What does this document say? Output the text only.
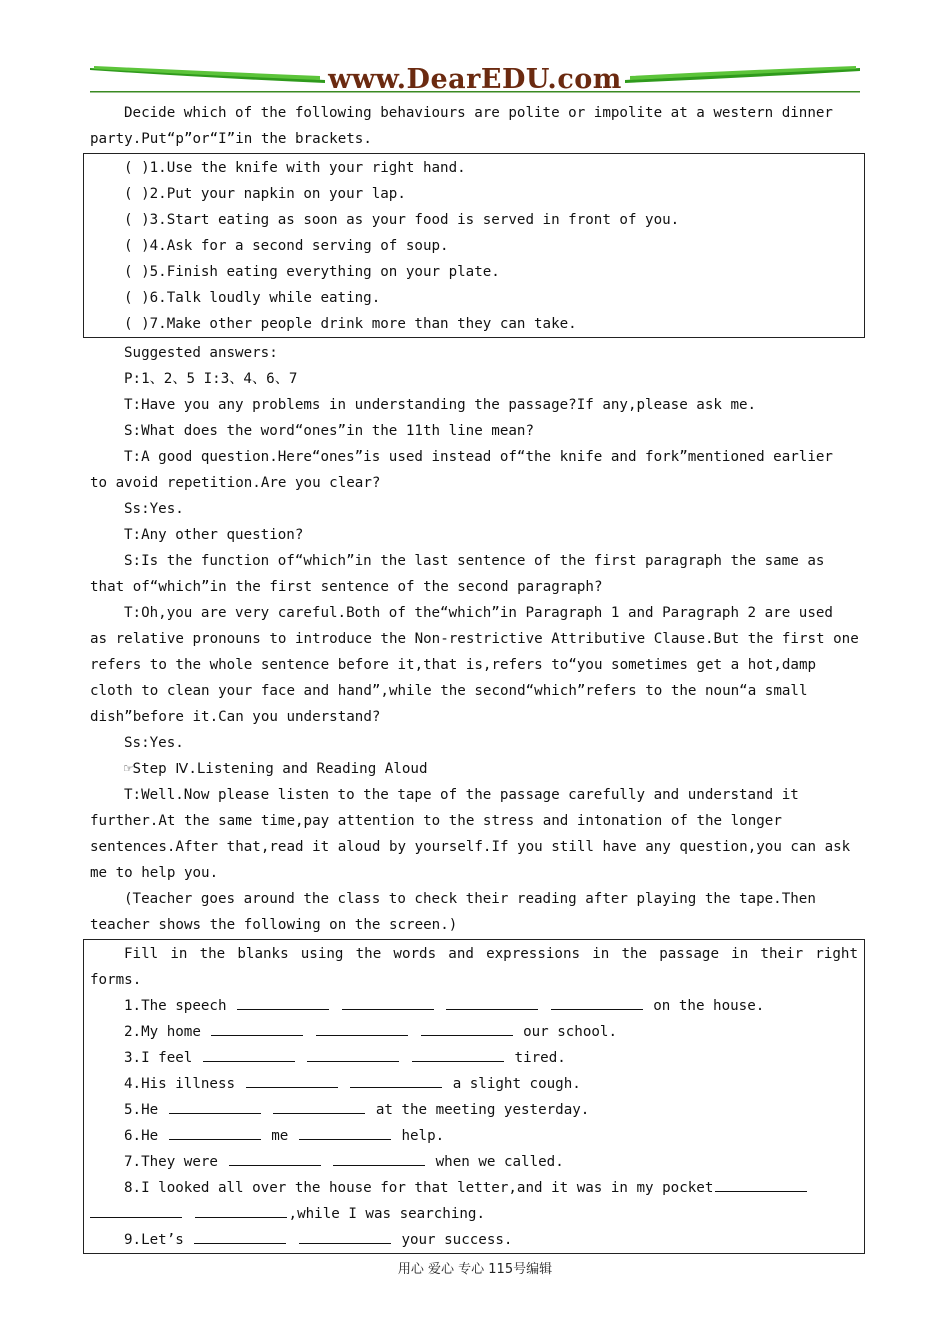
www.DearEDU.com

Decide which of the following behaviours are polite or impolite at a western dinner

party.Put“p”or“I”in the brackets.

( )1.Use the knife with your right hand.

( )2.Put your napkin on your lap.

( )3.Start eating as soon as your food is served in front of you.

( )4.Ask for a second serving of soup.

( )5.Finish eating everything on your plate.

( )6.Talk loudly while eating.

( )7.Make other people drink more than they can take.

Suggested answers:

P:1、2、5 I:3、4、6、7

T:Have you any problems in understanding the passage?If any,please ask me.

S:What does the word“ones”in the 11th line mean?

T:A good question.Here“ones”is used instead of“the knife and fork”mentioned earlier

to avoid repetition.Are you clear?

Ss:Yes.

T:Any other question?

S:Is the function of“which”in the last sentence of the first paragraph the same as

that of“which”in the first sentence of the second paragraph?

T:Oh,you are very careful.Both of the“which”in Paragraph 1 and Paragraph 2 are used

as relative pronouns to introduce the Non-restrictive Attributive Clause.But the first one

refers to the whole sentence before it,that is,refers to“you sometimes get a hot,damp

cloth to clean your face and hand”,while the second“which”refers to the noun“a small

dish”before it.Can you understand?

Ss:Yes.

☞Step Ⅳ.Listening and Reading Aloud

T:Well.Now please listen to the tape of the passage carefully and understand it

further.At the same time,pay attention to the stress and intonation of the longer

sentences.After that,read it aloud by yourself.If you still have any question,you can ask

me to help you.

(Teacher goes around the class to check their reading after playing the tape.Then

teacher shows the following on the screen.)

Fill in the blanks using the words and expressions in the passage in their right forms.

1.The speech	on the house.

2.My home	our school.

3.I feel	tired.

4.His illness	a slight cough.

5.He	at the meeting yesterday.

6.He	me	help.

7.They were	when we called.

8.I looked all over the house for that letter,and it was in my pocket

,while I was searching.

9.Let’s	your success.

用心 爱心 专心 115号编辑
